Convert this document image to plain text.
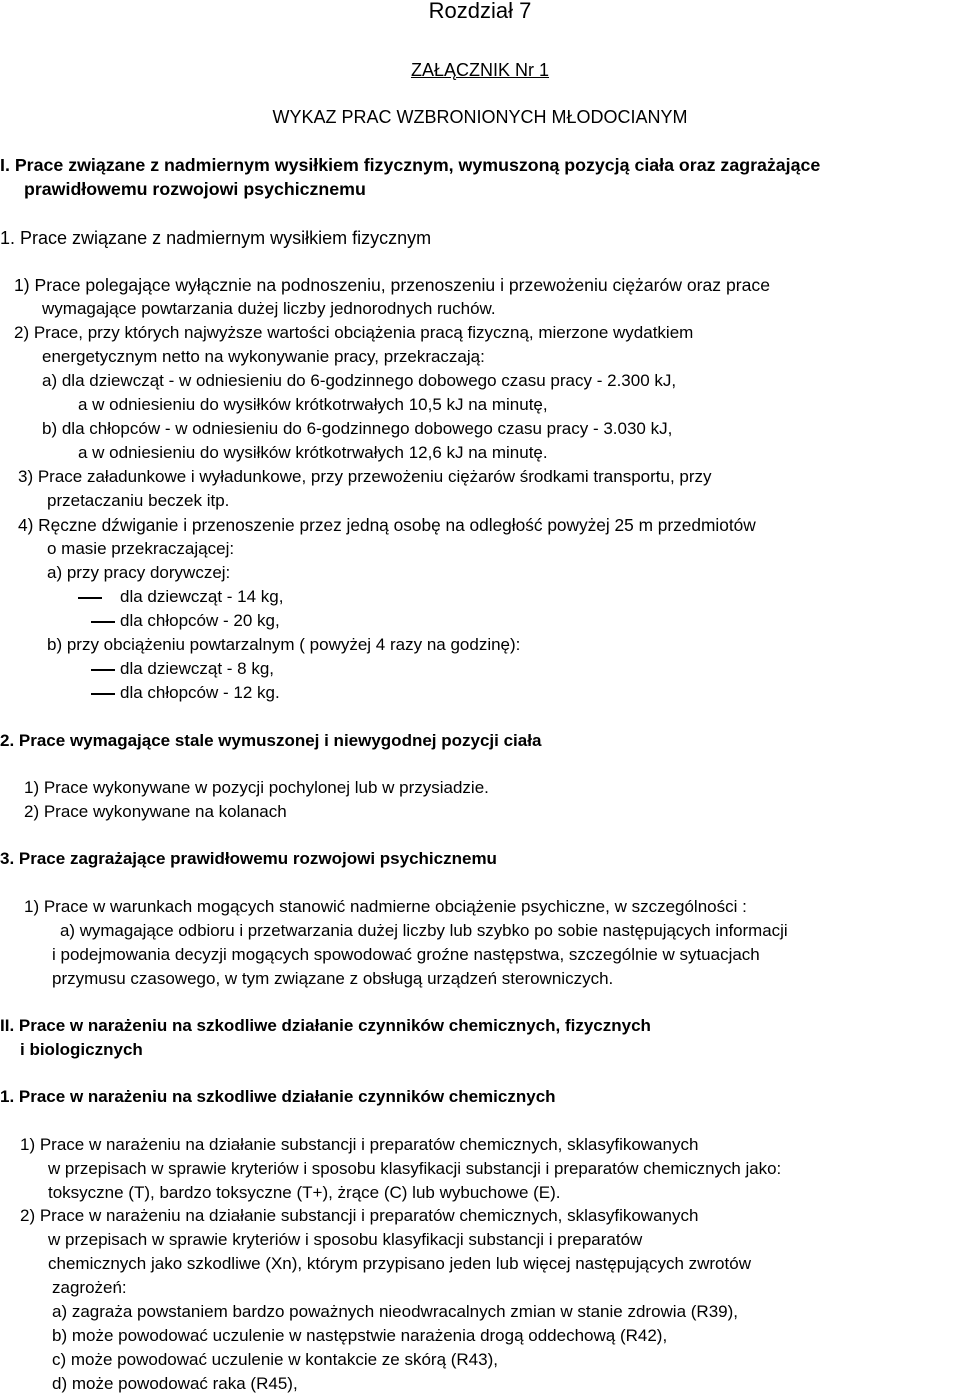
Rozdział 7
ZAŁĄCZNIK Nr 1
WYKAZ PRAC WZBRONIONYCH MŁODOCIANYM
I. Prace związane z nadmiernym wysiłkiem fizycznym, wymuszoną pozycją ciała oraz zagrażające
prawidłowemu rozwojowi psychicznemu
1. Prace związane z nadmiernym wysiłkiem fizycznym
1) Prace polegające wyłącznie na podnoszeniu, przenoszeniu i przewożeniu ciężarów oraz prace
wymagające powtarzania dużej liczby jednorodnych ruchów.
2) Prace, przy których najwyższe wartości obciążenia pracą fizyczną, mierzone wydatkiem
energetycznym netto na wykonywanie pracy, przekraczają:
a) dla dziewcząt - w odniesieniu do 6-godzinnego dobowego czasu pracy - 2.300 kJ,
a w odniesieniu do wysiłków krótkotrwałych 10,5 kJ na minutę,
b) dla chłopców - w odniesieniu do 6-godzinnego dobowego czasu pracy - 3.030 kJ,
a w odniesieniu do wysiłków krótkotrwałych 12,6 kJ na minutę.
3) Prace załadunkowe i wyładunkowe, przy przewożeniu ciężarów środkami transportu, przy
przetaczaniu beczek itp.
4) Ręczne dźwiganie i przenoszenie przez jedną osobę na odległość powyżej 25 m przedmiotów
o masie przekraczającej:
a) przy pracy dorywczej:
dla dziewcząt - 14 kg,
dla chłopców - 20 kg,
b) przy obciążeniu powtarzalnym ( powyżej 4 razy na godzinę):
dla dziewcząt - 8 kg,
dla chłopców - 12 kg.
2. Prace wymagające stale wymuszonej i niewygodnej pozycji ciała
1) Prace wykonywane w pozycji pochylonej lub w przysiadzie.
2) Prace wykonywane na kolanach
3. Prace zagrażające prawidłowemu rozwojowi psychicznemu
1) Prace w warunkach mogących stanowić nadmierne obciążenie psychiczne, w szczególności :
a) wymagające odbioru i przetwarzania dużej liczby lub szybko po sobie następujących informacji
i podejmowania decyzji mogących spowodować groźne następstwa, szczególnie w sytuacjach
przymusu czasowego, w tym związane z obsługą urządzeń sterowniczych.
II. Prace w narażeniu na szkodliwe działanie czynników chemicznych, fizycznych
i biologicznych
1. Prace w narażeniu na szkodliwe działanie czynników chemicznych
1) Prace w narażeniu na działanie substancji i preparatów chemicznych, sklasyfikowanych
w przepisach w sprawie kryteriów i sposobu klasyfikacji substancji i preparatów chemicznych jako:
toksyczne (T), bardzo toksyczne (T+), żrące (C) lub wybuchowe (E).
2) Prace w narażeniu na działanie substancji i preparatów chemicznych, sklasyfikowanych
w przepisach w sprawie kryteriów i sposobu klasyfikacji substancji i preparatów
chemicznych jako szkodliwe (Xn), którym przypisano jeden lub więcej następujących zwrotów
zagrożeń:
a) zagraża powstaniem bardzo poważnych nieodwracalnych zmian w stanie zdrowia (R39),
b) może powodować uczulenie w następstwie narażenia drogą oddechową (R42),
c) może powodować uczulenie w kontakcie ze skórą (R43),
d) może powodować raka (R45),
